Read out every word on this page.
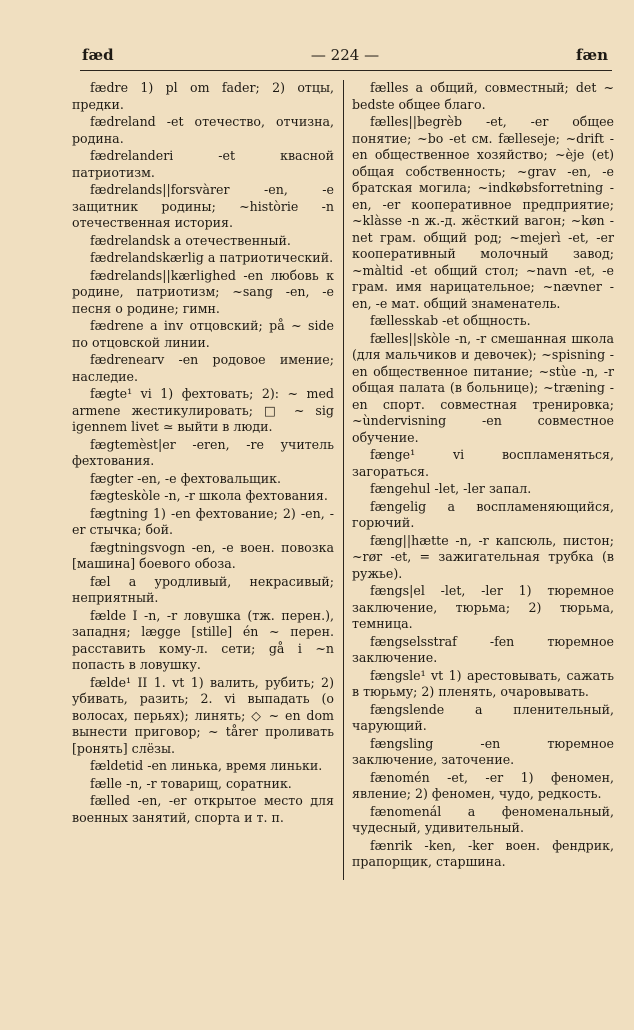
fæd	— 224 —	fæn

fædre 1) pl om fader; 2) отцы, предки.

fædreland -et отечество, отчизна, родина.

fædrelanderi -et квасной патриотизм.

fædrelands||forsvàrer -en, -e защитник родины; ~històrie -n отечественная история.

fædrelandsk a отечественный.

fædrelandskærlig a патриотический.

fædrelands||kærlighed -en любовь к родине, патриотизм; ~sang -en, -e песня о родине; гимн.

fædrene a inv отцовский; på ~ side по отцовской линии.

fædrenearv -en родовое имение; наследие.

fægte¹ vi 1) фехтовать; 2): ~ med armene жестикулировать; □ ~ sig igennem livet ≃ выйти в люди.

fægtemèst|er -eren, -re учитель фехтования.

fægter -en, -e фехтовальщик.

fægteskòle -n, -r школа фехтования.

fægtning 1) -en фехтование; 2) -en, -er стычка; бой.

fægtningsvogn -en, -e воен. повозка [машина] боевого обоза.

fæl a уродливый, некрасивый; неприятный.

fælde I -n, -r ловушка (тж. перен.), западня; lægge [stille] én ~ перен. расставить кому-л. сети; gå i ~n попасть в ловушку.

fælde¹ II 1. vt 1) валить, рубить; 2) убивать, разить; 2. vi выпадать (о волосах, перьях); линять; ◇ ~ en dom вынести приговор; ~ tårer проливать [ронять] слёзы.

fældetid -en линька, время линьки.

fælle -n, -r товарищ, соратник.

fælled -en, -er открытое место для военных занятий, спорта и т. п.

fælles a общий, совместный; det ~ bedste общее благо.

fælles||begrèb -et, -er общее понятие; ~bo -et см. fælleseje; ~drift -en общественное хозяйство; ~èje (et) общая собственность; ~grav -en, -e братская могила; ~indkøbsforretning -en, -er кооперативное предприятие; ~klàsse -n ж.-д. жёсткий вагон; ~køn -net грам. общий род; ~mejerì -et, -er кооперативный молочный завод; ~màltid -et общий стол; ~navn -et, -e грам. имя нарицательное; ~nævner -en, -e мат. общий знаменатель.

fællesskab -et общность.

fælles||skòle -n, -r смешанная школа (для мальчиков и девочек); ~spisning -en общественное питание; ~stùe -n, -r общая палата (в больнице); ~træning -en спорт. совместная тренировка; ~ùndervisning -en совместное обучение.

fænge¹ vi воспламеняться, загораться.

fængehul -let, -ler запал.

fængelig a воспламеняющийся, горючий.

fæng||hætte -n, -r капсюль, пистон; ~rør -et, = зажигательная трубка (в ружье).

fængs|el -let, -ler 1) тюремное заключение, тюрьма; 2) тюрьма, темница.

fængselsstraf -fen тюремное заключение.

fængsle¹ vt 1) арестовывать, сажать в тюрьму; 2) пленять, очаровывать.

fængslende a пленительный, чарующий.

fængsling -en тюремное заключение, заточение.

fænomén -et, -er 1) феномен, явление; 2) феномен, чудо, редкость.

fænomenál a феноменальный, чудесный, удивительный.

fænrik -ken, -ker воен. фендрик, прапорщик, старшина.
